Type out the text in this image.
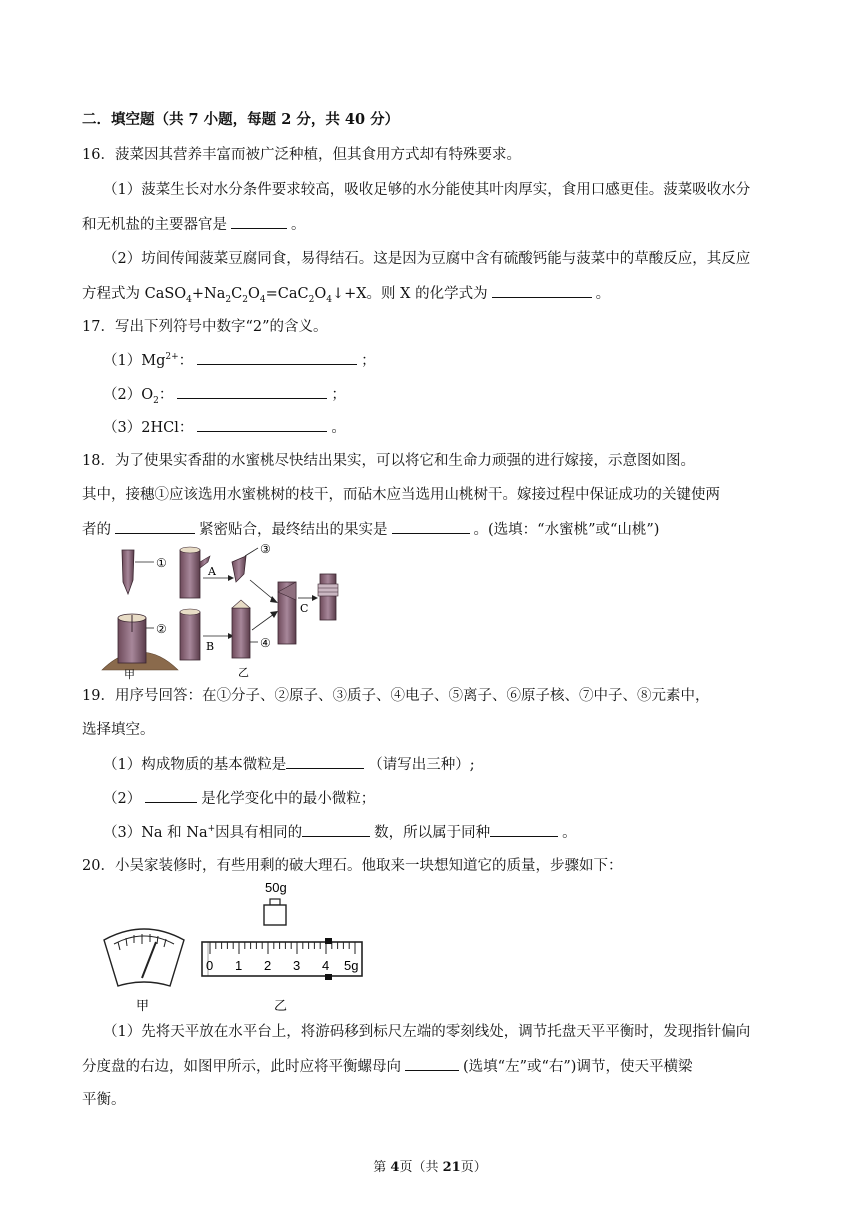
二．填空题（共 7 小题，每题 2 分，共 40 分）
16．菠菜因其营养丰富而被广泛种植，但其食用方式却有特殊要求。
（1）菠菜生长对水分条件要求较高，吸收足够的水分能使其叶肉厚实，食用口感更佳。菠菜吸收水分
和无机盐的主要器官是	。
（2）坊间传闻菠菜豆腐同食，易得结石。这是因为豆腐中含有硫酸钙能与菠菜中的草酸反应，其反应
方程式为 $CaSO_4+Na_2C_2O_4=CaC_2O_4↓+X$。则 X 的化学式为	。
17．写出下列符号中数字“2”的含义。
$(1)Mg^{2+}$：	；
$(2)O_2$：	；
（3）2HCl：	。
18．为了使果实香甜的水蜜桃尽快结出果实，可以将它和生命力顽强的进行嫁接，示意图如图。
其中，接穗①应该选用水蜜桃树的枝干，而砧木应当选用山桃树干。嫁接过程中保证成功的关键使两
者的	紧密贴合，最终结出的果实是	。(选填：“水蜜桃”或“山桃”)
①
②
甲
A
③
B	④
乙
C
19．用序号回答：在①分子、②原子、③质子、④电子、⑤离子、⑥原子核、⑦中子、⑧元素中，
选择填空。
（1）构成物质的基本微粒是	（请写出三种）;
（2）	是化学变化中的最小微粒；
（3）Na 和 Na+因具有相同的	数，所以属于同种	。
20．小吴家装修时，有些用剩的破大理石。他取来一块想知道它的质量，步骤如下：
甲
50g
0 1 2 3 4 5g
乙
（1）先将天平放在水平台上，将游码移到标尺左端的零刻线处，调节托盘天平平衡时，发现指针偏向
分度盘的右边，如图甲所示，此时应将平衡螺母向	(选填“左”或“右”)调节，使天平横梁
平衡。
第 4页（共 21页）
